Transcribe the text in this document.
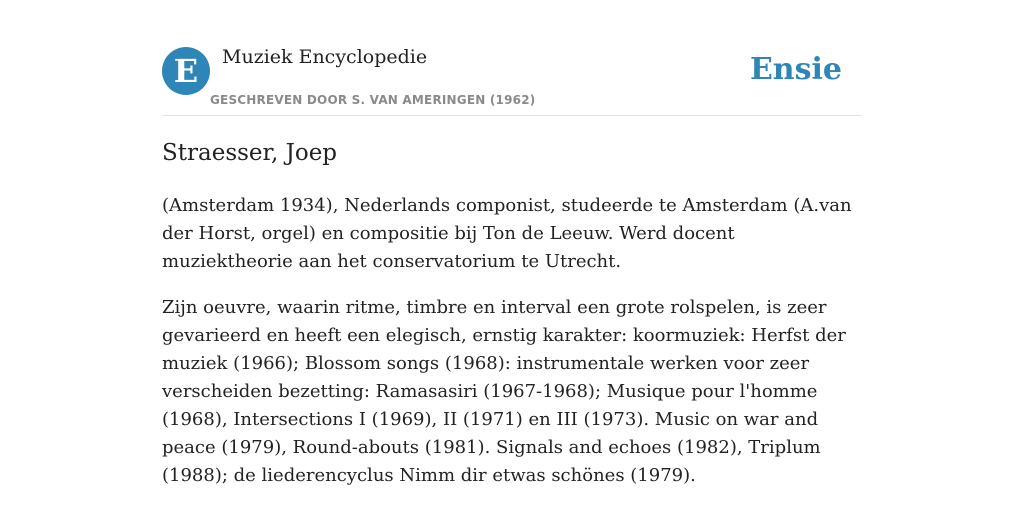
E	Muziek Encyclopedie
GESCHREVEN DOOR S. VAN AMERINGEN (1962)
Ensie
Straesser, Joep

(Amsterdam 1934), Nederlands componist, studeerde te Amsterdam (A.van der Horst, orgel) en compositie bij Ton de Leeuw. Werd docent muziektheorie aan het conservatorium te Utrecht.

Zijn oeuvre, waarin ritme, timbre en interval een grote rolspelen, is zeer gevarieerd en heeft een elegisch, ernstig karakter: koormuziek: Herfst der muziek (1966); Blossom songs (1968): instrumentale werken voor zeer verscheiden bezetting: Ramasasiri (1967-1968); Musique pour l'homme (1968), Intersections I (1969), II (1971) en III (1973). Music on war and peace (1979), Round-abouts (1981). Signals and echoes (1982), Triplum (1988); de liederencyclus Nimm dir etwas schönes (1979).
